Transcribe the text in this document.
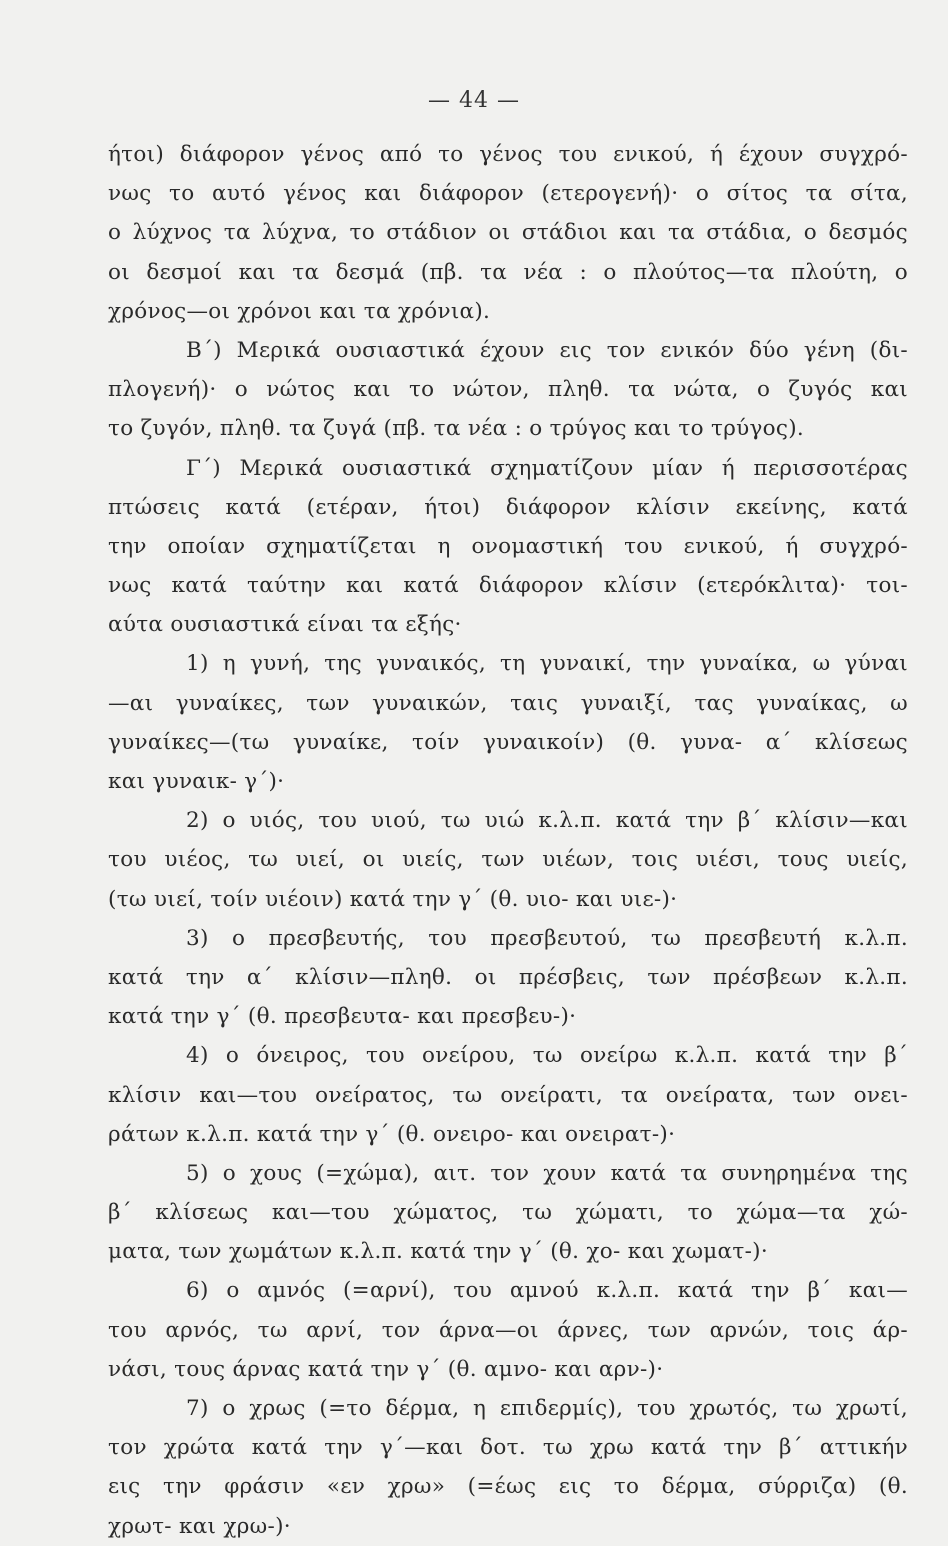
— 44 —
ήτοι) διάφορον γένος από το γένος του ενικού, ή έχουν συγχρό-
νως το αυτό γένος και διάφορον (ετερογενή)· ο σίτος τα σίτα,
ο λύχνος τα λύχνα, το στάδιον οι στάδιοι και τα στάδια, ο δεσμός
οι δεσμοί και τα δεσμά (πβ. τα νέα : ο πλούτος—τα πλούτη, ο
χρόνος—οι χρόνοι και τα χρόνια).
Β΄) Μερικά ουσιαστικά έχουν εις τον ενικόν δύο γένη (δι-
πλογενή)· ο νώτος και το νώτον, πληθ. τα νώτα, ο ζυγός και
το ζυγόν, πληθ. τα ζυγά (πβ. τα νέα : ο τρύγος και το τρύγος).
Γ΄) Μερικά ουσιαστικά σχηματίζουν μίαν ή περισσοτέρας
πτώσεις κατά (ετέραν, ήτοι) διάφορον κλίσιν εκείνης, κατά
την οποίαν σχηματίζεται η ονομαστική του ενικού, ή συγχρό-
νως κατά ταύτην και κατά διάφορον κλίσιν (ετερόκλιτα)· τοι-
αύτα ουσιαστικά είναι τα εξής·
1) η γυνή, της γυναικός, τη γυναικί, την γυναίκα, ω γύναι
—αι γυναίκες, των γυναικών, ταις γυναιξί, τας γυναίκας, ω
γυναίκες—(τω γυναίκε, τοίν γυναικοίν) (θ. γυνα- α΄ κλίσεως
και γυναικ- γ΄)·
2) ο υιός, του υιού, τω υιώ κ.λ.π. κατά την β΄ κλίσιν—και
του υιέος, τω υιεί, οι υιείς, των υιέων, τοις υιέσι, τους υιείς,
(τω υιεί, τοίν υιέοιν) κατά την γ΄ (θ. υιο- και υιε-)·
3) ο πρεσβευτής, του πρεσβευτού, τω πρεσβευτή κ.λ.π.
κατά την α΄ κλίσιν—πληθ. οι πρέσβεις, των πρέσβεων κ.λ.π.
κατά την γ΄ (θ. πρεσβευτα- και πρεσβευ-)·
4) ο όνειρος, του ονείρου, τω ονείρω κ.λ.π. κατά την β΄
κλίσιν και—του ονείρατος, τω ονείρατι, τα ονείρατα, των ονει-
ράτων κ.λ.π. κατά την γ΄ (θ. ονειρο- και ονειρατ-)·
5) ο χους (=χώμα), αιτ. τον χουν κατά τα συνηρημένα της
β΄ κλίσεως και—του χώματος, τω χώματι, το χώμα—τα χώ-
ματα, των χωμάτων κ.λ.π. κατά την γ΄ (θ. χο- και χωματ-)·
6) ο αμνός (=αρνί), του αμνού κ.λ.π. κατά την β΄ και—
του αρνός, τω αρνί, τον άρνα—οι άρνες, των αρνών, τοις άρ-
νάσι, τους άρνας κατά την γ΄ (θ. αμνο- και αρν-)·
7) ο χρως (=το δέρμα, η επιδερμίς), του χρωτός, τω χρωτί,
τον χρώτα κατά την γ΄—και δοτ. τω χρω κατά την β΄ αττικήν
εις την φράσιν «εν χρω» (=έως εις το δέρμα, σύρριζα) (θ.
χρωτ- και χρω-)·
